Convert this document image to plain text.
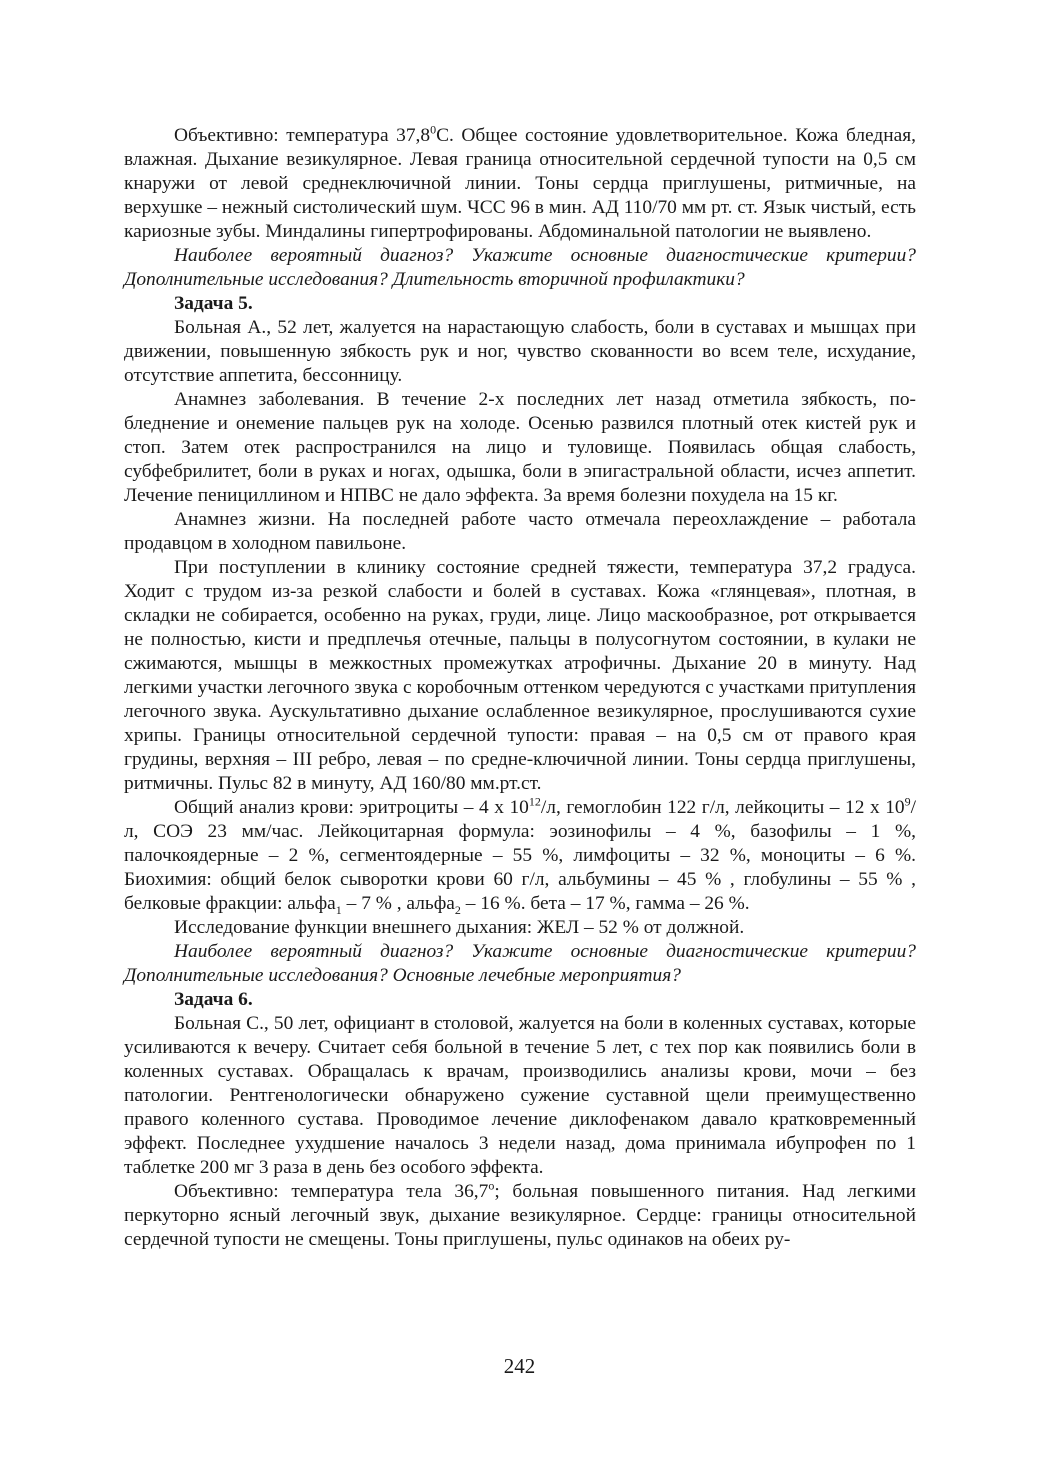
Объективно: температура 37,8$^0$С. Общее состояние удовлетворительное. Кожа бледная, влажная. Дыхание везикулярное. Левая граница относительной сердечной тупости на 0,5 см кнаружи от левой среднеключичной линии. Тоны сердца приглушены, ритмичные, на верхушке – нежный систолический шум. ЧСС 96 в мин. АД 110/70 мм рт. ст. Язык чистый, есть кариозные зубы. Миндалины гипертрофированы. Абдоминальной патологии не выявлено.

Наиболее вероятный диагноз? Укажите основные диагностические критерии? Дополнительные исследования? Длительность вторичной профилактики?

Задача 5.

Больная А., 52 лет, жалуется на нарастающую слабость, боли в суставах и мышцах при движении, повышенную зябкость рук и ног, чувство скованности во всем теле, исхудание, отсутствие аппетита, бессонницу.

Анамнез заболевания. В течение 2-х последних лет назад отметила зябкость, побледнение и онемение пальцев рук на холоде. Осенью развился плотный отек кистей рук и стоп. Затем отек распространился на лицо и туловище. Появилась общая слабость, субфебрилитет, боли в руках и ногах, одышка, боли в эпигастральной области, исчез аппетит. Лечение пенициллином и НПВС не дало эффекта. За время болезни похудела на 15 кг.

Анамнез жизни. На последней работе часто отмечала переохлаждение – работала продавцом в холодном павильоне.

При поступлении в клинику состояние средней тяжести, температура 37,2 градуса. Ходит с трудом из-за резкой слабости и болей в суставах. Кожа «глянцевая», плотная, в складки не собирается, особенно на руках, груди, лице. Лицо маскообразное, рот открывается не полностью, кисти и предплечья отечные, пальцы в полусогнутом состоянии, в кулаки не сжимаются, мышцы в межкостных промежутках атрофичны. Дыхание 20 в минуту. Над легкими участки легочного звука с коробочным оттенком чередуются с участками притупления легочного звука. Аускультативно дыхание ослабленное везикулярное, прослушиваются сухие хрипы. Границы относительной сердечной тупости: правая – на 0,5 см от правого края грудины, верхняя – III ребро, левая – по средне-ключичной линии. Тоны сердца приглушены, ритмичны. Пульс 82 в минуту, АД 160/80 мм.рт.ст.

Общий анализ крови: эритроциты – 4 х $10^{12}/л$, гемоглобин 122 г/л, лейкоциты – 12 х $10^9/л$, СОЭ 23 мм/час. Лейкоцитарная формула: эозинофилы – 4 %, базофилы – 1 %, палочкоядерные – 2 %, сегментоядерные – 55 %, лимфоциты – 32 %, моноциты – 6 %. Биохимия: общий белок сыворотки крови 60 г/л, альбумины – 45 % , глобулины – 55 % , белковые фракции: альфа$_1$ – 7 % , альфа$_2$ – 16 %. бета – 17 %, гамма – 26 %.

Исследование функции внешнего дыхания: ЖЕЛ – 52 % от должной.

Наиболее вероятный диагноз? Укажите основные диагностические критерии? Дополнительные исследования? Основные лечебные мероприятия?

Задача 6.

Больная С., 50 лет, официант в столовой, жалуется на боли в коленных суставах, которые усиливаются к вечеру. Считает себя больной в течение 5 лет, с тех пор как появились боли в коленных суставах. Обращалась к врачам, производились анализы крови, мочи – без патологии. Рентгенологически обнаружено сужение суставной щели преимущественно правого коленного сустава. Проводимое лечение диклофенаком давало кратковременный эффект. Последнее ухудшение началось 3 недели назад, дома принимала ибупрофен по 1 таблетке 200 мг 3 раза в день без особого эффекта.

Объективно: температура тела $36,7^о$; больная повышенного питания. Над легкими перкуторно ясный легочный звук, дыхание везикулярное. Сердце: границы относительной сердечной тупости не смещены. Тоны приглушены, пульс одинаков на обеих ру-

242
